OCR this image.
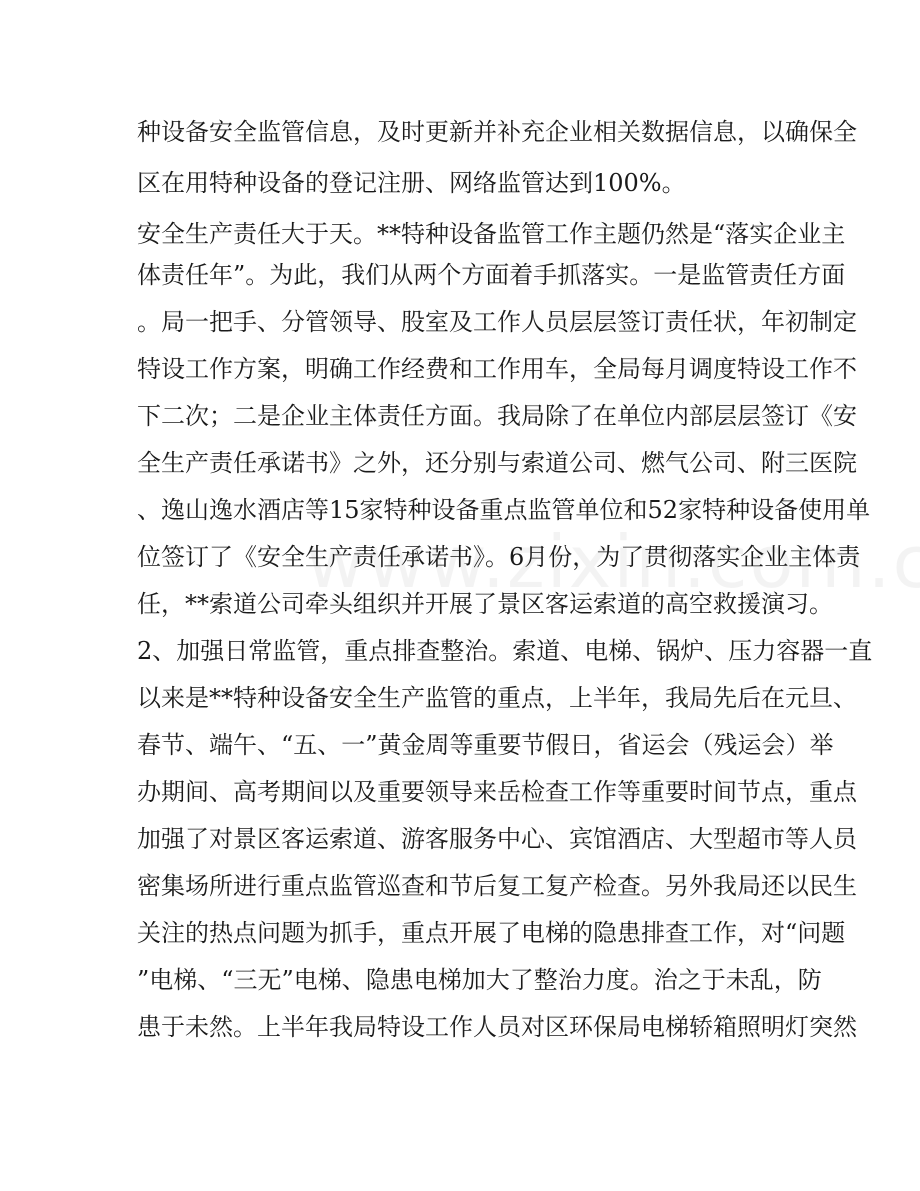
种设备安全监管信息，及时更新并补充企业相关数据信息，以确保全
区在用特种设备的登记注册、网络监管达到100%。
安全生产责任大于天。**特种设备监管工作主题仍然是“落实企业主
体责任年”。为此，我们从两个方面着手抓落实。一是监管责任方面
。局一把手、分管领导、股室及工作人员层层签订责任状，年初制定
特设工作方案，明确工作经费和工作用车，全局每月调度特设工作不
下二次；二是企业主体责任方面。我局除了在单位内部层层签订《安
全生产责任承诺书》之外，还分别与索道公司、燃气公司、附三医院
、逸山逸水酒店等15家特种设备重点监管单位和52家特种设备使用单
位签订了《安全生产责任承诺书》。6月份，为了贯彻落实企业主体责
任，**索道公司牵头组织并开展了景区客运索道的高空救援演习。
2、加强日常监管，重点排查整治。索道、电梯、锅炉、压力容器一直
以来是**特种设备安全生产监管的重点，上半年，我局先后在元旦、
春节、端午、“五、一”黄金周等重要节假日，省运会（残运会）举
办期间、高考期间以及重要领导来岳检查工作等重要时间节点，重点
加强了对景区客运索道、游客服务中心、宾馆酒店、大型超市等人员
密集场所进行重点监管巡查和节后复工复产检查。另外我局还以民生
关注的热点问题为抓手，重点开展了电梯的隐患排查工作，对“问题
”电梯、“三无”电梯、隐患电梯加大了整治力度。治之于未乱，防
患于未然。上半年我局特设工作人员对区环保局电梯轿箱照明灯突然
